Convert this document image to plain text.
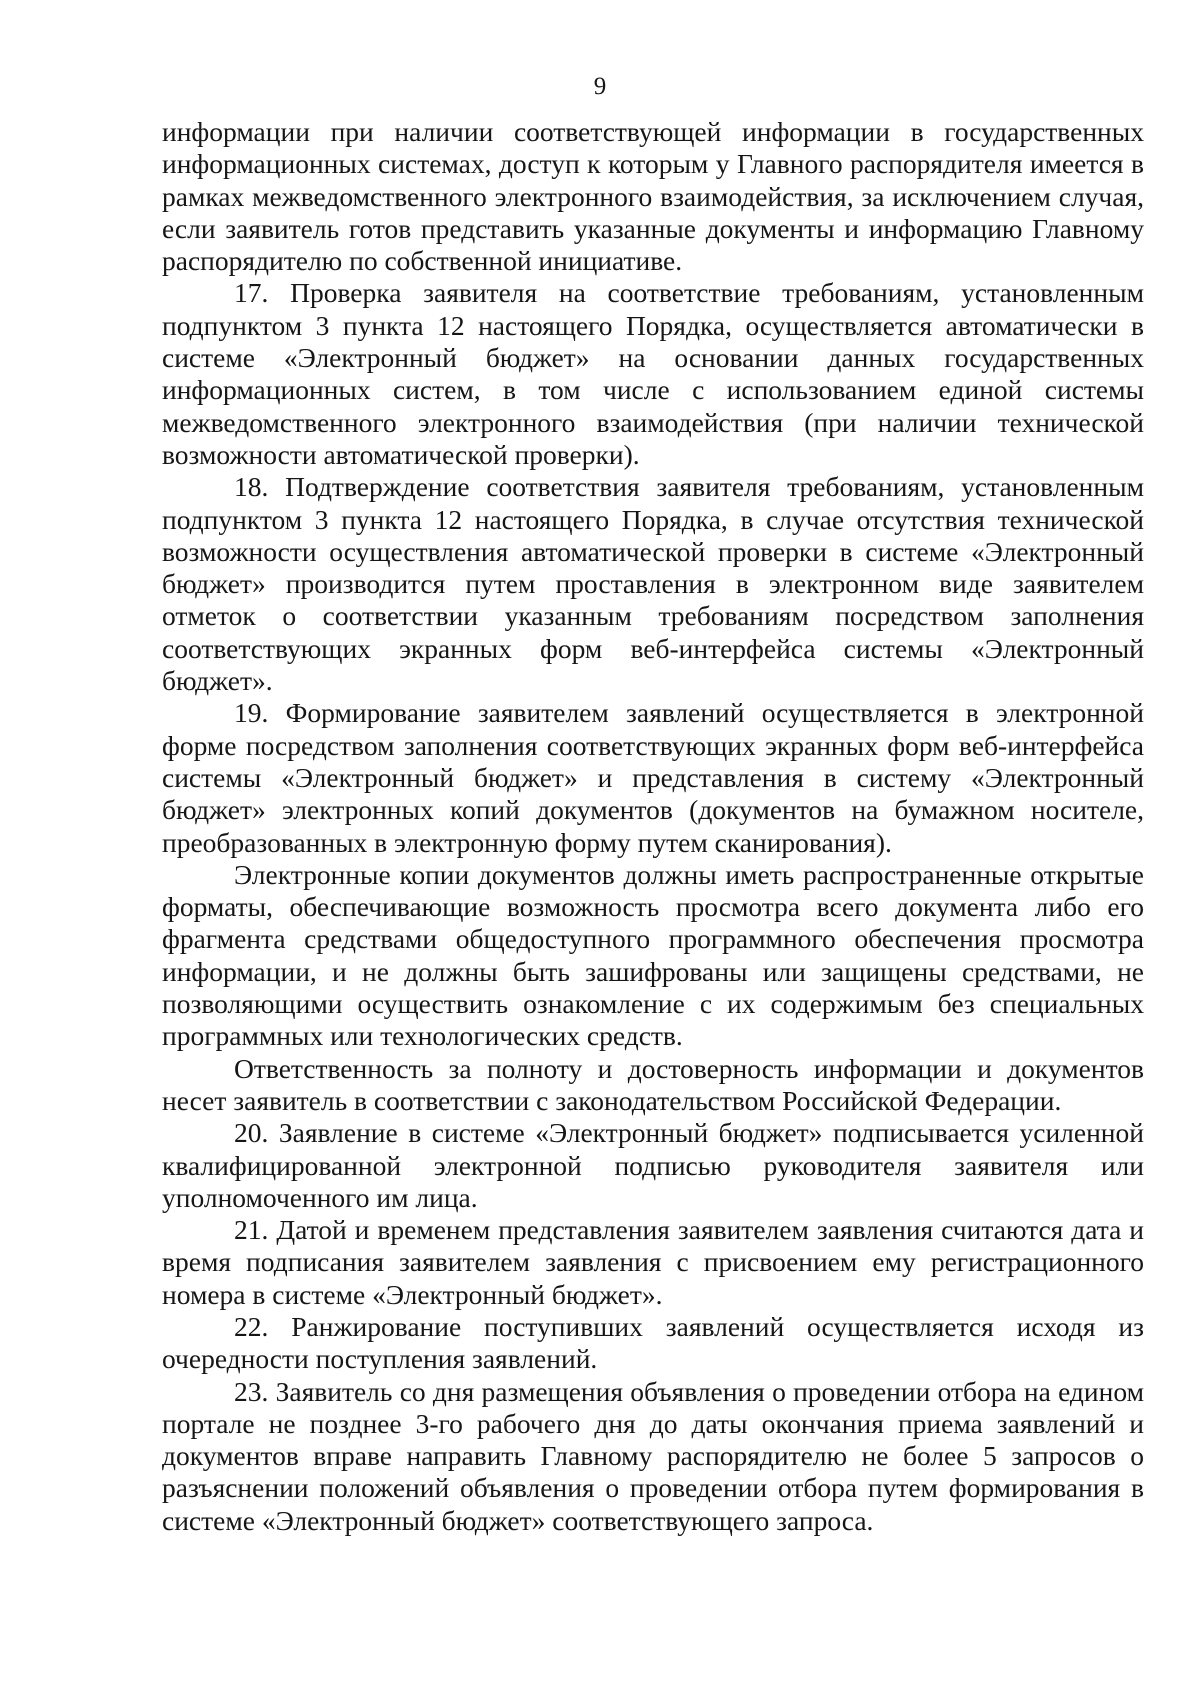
9

информации при наличии соответствующей информации в государственных информационных системах, доступ к которым у Главного распорядителя имеется в рамках межведомственного электронного взаимодействия, за исключением случая, если заявитель готов представить указанные документы и информацию Главному распорядителю по собственной инициативе.

17. Проверка заявителя на соответствие требованиям, установленным подпунктом 3 пункта 12 настоящего Порядка, осуществляется автоматически в системе «Электронный бюджет» на основании данных государственных информационных систем, в том числе с использованием единой системы межведомственного электронного взаимодействия (при наличии технической возможности автоматической проверки).

18. Подтверждение соответствия заявителя требованиям, установленным подпунктом 3 пункта 12 настоящего Порядка, в случае отсутствия технической возможности осуществления автоматической проверки в системе «Электронный бюджет» производится путем проставления в электронном виде заявителем отметок о соответствии указанным требованиям посредством заполнения соответствующих экранных форм веб-интерфейса системы «Электронный бюджет».

19. Формирование заявителем заявлений осуществляется в электронной форме посредством заполнения соответствующих экранных форм веб-интерфейса системы «Электронный бюджет» и представления в систему «Электронный бюджет» электронных копий документов (документов на бумажном носителе, преобразованных в электронную форму путем сканирования).

Электронные копии документов должны иметь распространенные открытые форматы, обеспечивающие возможность просмотра всего документа либо его фрагмента средствами общедоступного программного обеспечения просмотра информации, и не должны быть зашифрованы или защищены средствами, не позволяющими осуществить ознакомление с их содержимым без специальных программных или технологических средств.

Ответственность за полноту и достоверность информации и документов несет заявитель в соответствии с законодательством Российской Федерации.

20. Заявление в системе «Электронный бюджет» подписывается усиленной квалифицированной электронной подписью руководителя заявителя или уполномоченного им лица.

21. Датой и временем представления заявителем заявления считаются дата и время подписания заявителем заявления с присвоением ему регистрационного номера в системе «Электронный бюджет».

22. Ранжирование поступивших заявлений осуществляется исходя из очередности поступления заявлений.

23. Заявитель со дня размещения объявления о проведении отбора на едином портале не позднее 3-го рабочего дня до даты окончания приема заявлений и документов вправе направить Главному распорядителю не более 5 запросов о разъяснении положений объявления о проведении отбора путем формирования в системе «Электронный бюджет» соответствующего запроса.
